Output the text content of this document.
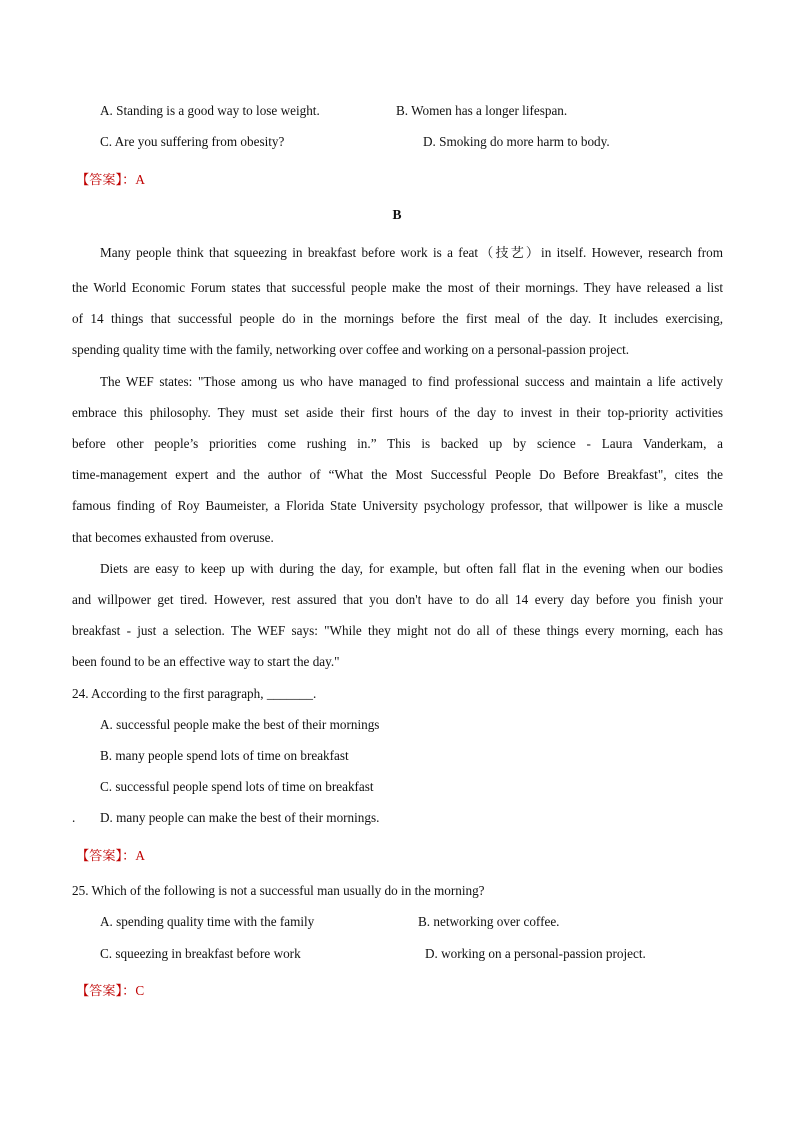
A. Standing is a good way to lose weight.	B. Women has a longer lifespan.
C. Are you suffering from obesity?	D. Smoking do more harm to body.
【答案】：A
B
Many people think that squeezing in breakfast before work is a feat（技艺）in itself. However, research from
the World Economic Forum states that successful people make the most of their mornings. They have released a list
of 14 things that successful people do in the mornings before the first meal of the day. It includes exercising,
spending quality time with the family, networking over coffee and working on a personal-passion project.
The WEF states: "Those among us who have managed to find professional success and maintain a life actively
embrace this philosophy. They must set aside their first hours of the day to invest in their top-priority activities
before other people’s priorities come rushing in.” This is backed up by science - Laura Vanderkam, a
time-management expert and the author of “What the Most Successful People Do Before Breakfast", cites the
famous finding of Roy Baumeister, a Florida State University psychology professor, that willpower is like a muscle
that becomes exhausted from overuse.
Diets are easy to keep up with during the day, for example, but often fall flat in the evening when our bodies
and willpower get tired. However, rest assured that you don't have to do all 14 every day before you finish your
breakfast - just a selection. The WEF says: "While they might not do all of these things every morning, each has
been found to be an effective way to start the day."
24. According to the first paragraph, _______.
A. successful people make the best of their mornings
B. many people spend lots of time on breakfast
C. successful people spend lots of time on breakfast
. D. many people can make the best of their mornings.
【答案】：A
25. Which of the following is not a successful man usually do in the morning?
A. spending quality time with the family	B. networking over coffee.
C. squeezing in breakfast before work	D. working on a personal-passion project.
【答案】：C
